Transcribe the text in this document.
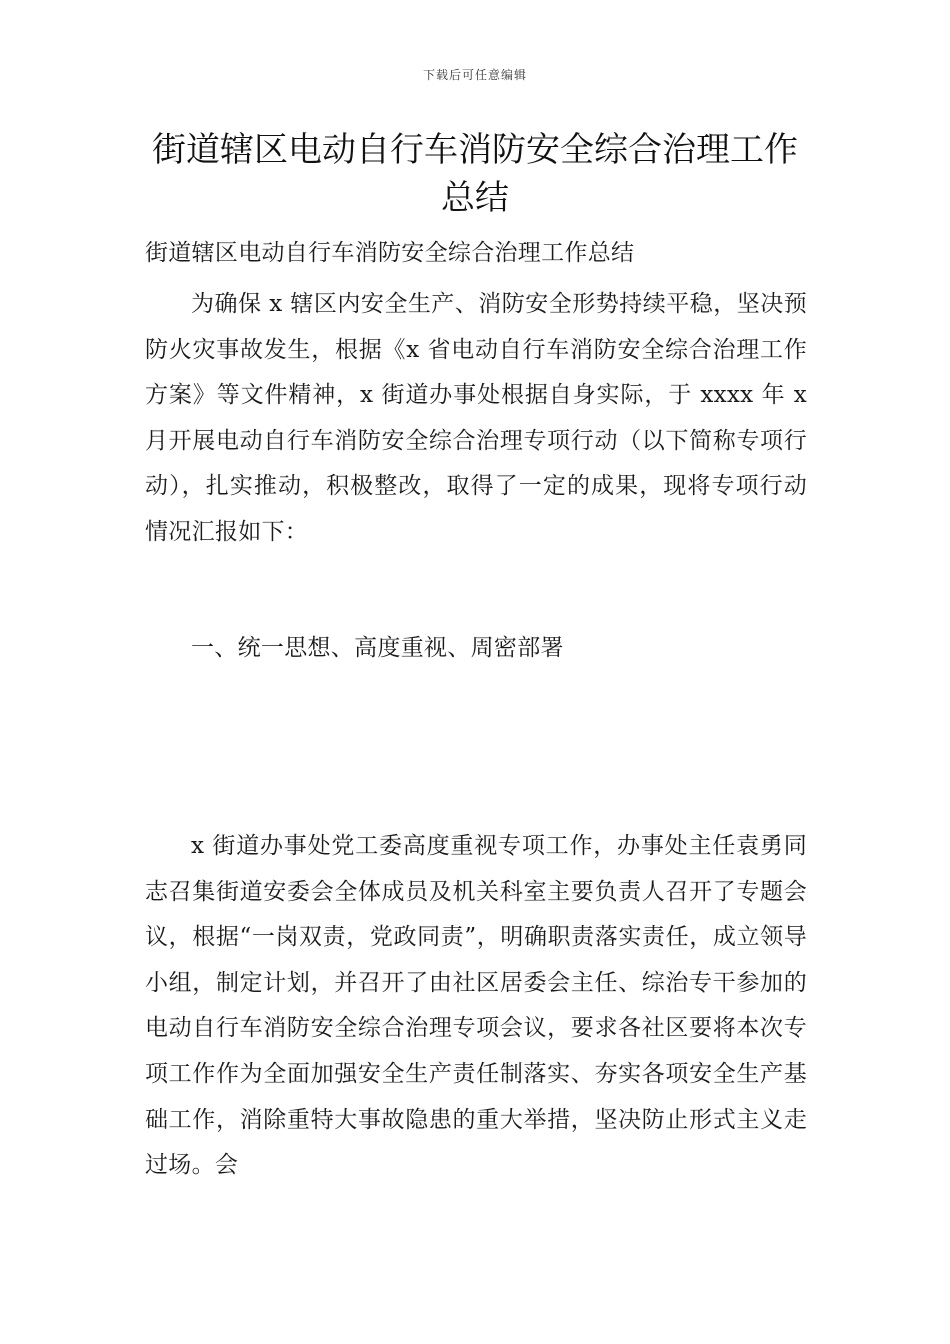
下载后可任意编辑
街道辖区电动自行车消防安全综合治理工作总结

街道辖区电动自行车消防安全综合治理工作总结

为确保 x 辖区内安全生产、消防安全形势持续平稳，坚决预防火灾事故发生，根据《x 省电动自行车消防安全综合治理工作方案》等文件精神，x 街道办事处根据自身实际，于 xxxx 年 x 月开展电动自行车消防安全综合治理专项行动（以下简称专项行动），扎实推动，积极整改，取得了一定的成果，现将专项行动情况汇报如下：

一、统一思想、高度重视、周密部署

x 街道办事处党工委高度重视专项工作，办事处主任袁勇同志召集街道安委会全体成员及机关科室主要负责人召开了专题会议，根据“一岗双责，党政同责”，明确职责落实责任，成立领导小组，制定计划，并召开了由社区居委会主任、综治专干参加的电动自行车消防安全综合治理专项会议，要求各社区要将本次专项工作作为全面加强安全生产责任制落实、夯实各项安全生产基础工作，消除重特大事故隐患的重大举措，坚决防止形式主义走过场。会
